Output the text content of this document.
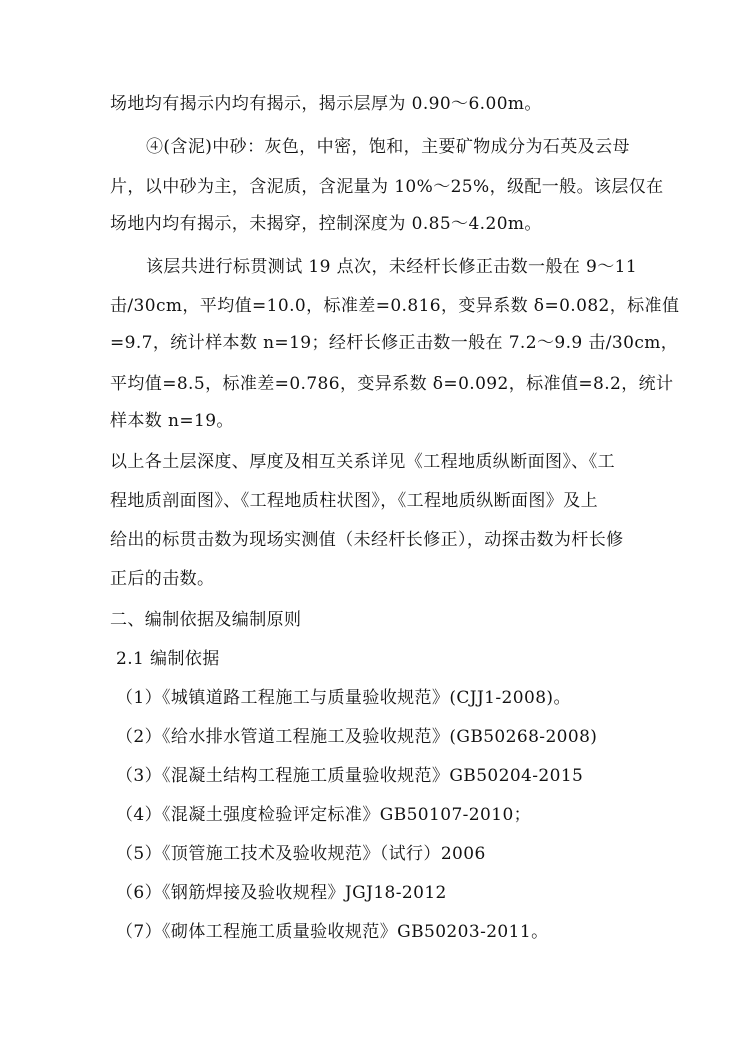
场地均有揭示内均有揭示，揭示层厚为 0.90～6.00m。
④(含泥)中砂：灰色，中密，饱和，主要矿物成分为石英及云母
片，以中砂为主，含泥质，含泥量为 10%～25%，级配一般。该层仅在
场地内均有揭示，未揭穿，控制深度为 0.85～4.20m。
该层共进行标贯测试 19 点次，未经杆长修正击数一般在 9～11
击/30cm，平均值=10.0，标准差=0.816，变异系数 δ=0.082，标准值
=9.7，统计样本数 n=19；经杆长修正击数一般在 7.2～9.9 击/30cm，
平均值=8.5，标准差=0.786，变异系数 δ=0.092，标准值=8.2，统计
样本数 n=19。
以上各土层深度、厚度及相互关系详见《工程地质纵断面图》、《工
程地质剖面图》、《工程地质柱状图》，《工程地质纵断面图》及上
给出的标贯击数为现场实测值（未经杆长修正），动探击数为杆长修
正后的击数。
二、编制依据及编制原则
2.1 编制依据
（1）《城镇道路工程施工与质量验收规范》(CJJ1-2008)。
（2）《给水排水管道工程施工及验收规范》(GB50268-2008)
（3）《混凝土结构工程施工质量验收规范》GB50204-2015
（4）《混凝土强度检验评定标准》GB50107-2010；
（5）《顶管施工技术及验收规范》（试行）2006
（6）《钢筋焊接及验收规程》JGJ18-2012
（7）《砌体工程施工质量验收规范》GB50203-2011。
